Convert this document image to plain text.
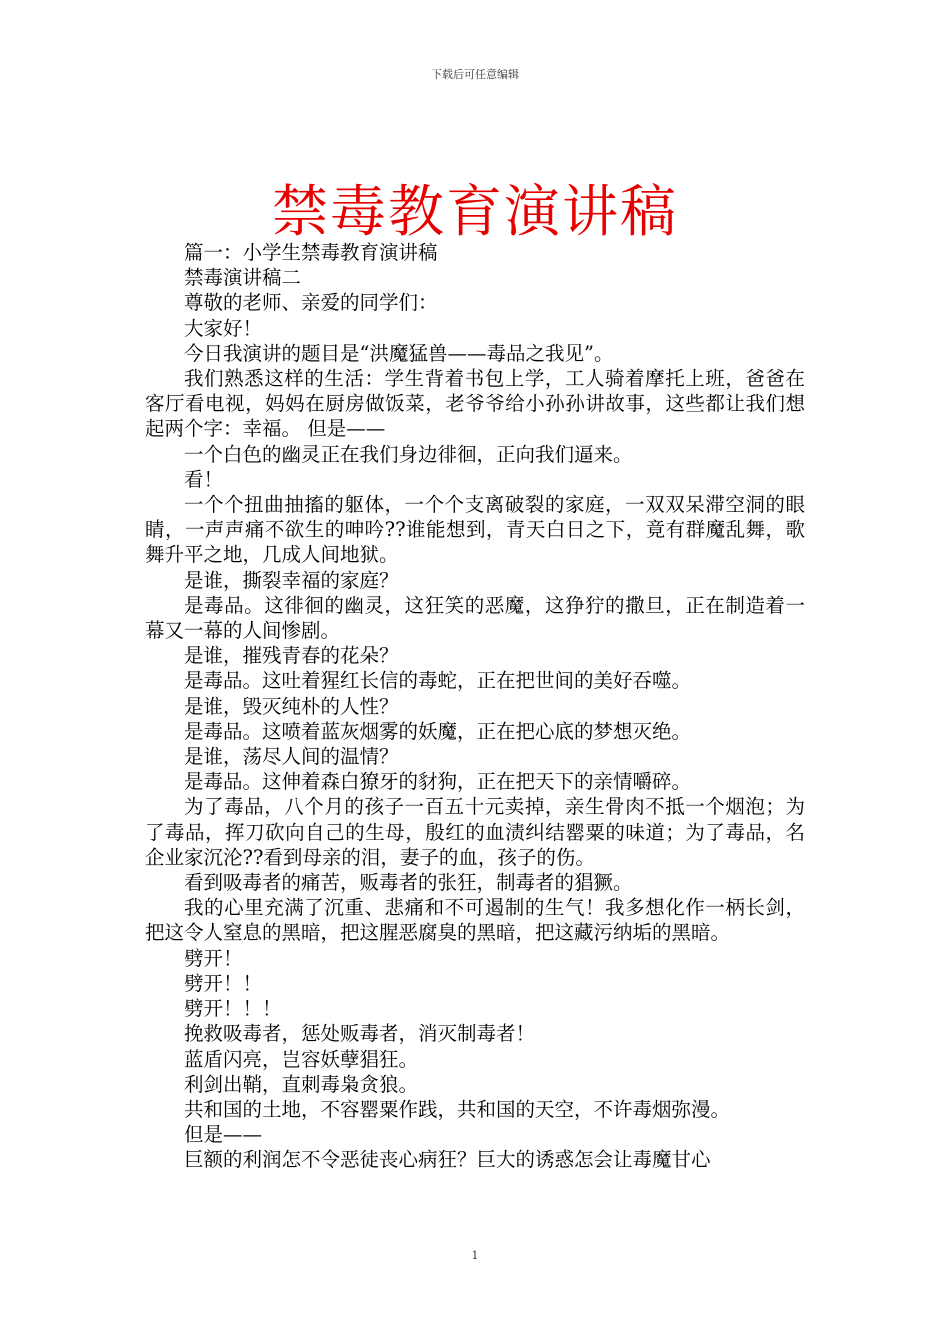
下载后可任意编辑
禁毒教育演讲稿

篇一：小学生禁毒教育演讲稿

禁毒演讲稿二

尊敬的老师、亲爱的同学们：

大家好！

今日我演讲的题目是“洪魔猛兽——毒品之我见”。

我们熟悉这样的生活：学生背着书包上学，工人骑着摩托上班，爸爸在客厅看电视，妈妈在厨房做饭菜，老爷爷给小孙孙讲故事，这些都让我们想起两个字：幸福。 但是——

一个白色的幽灵正在我们身边徘徊，正向我们逼来。

看！

一个个扭曲抽搐的躯体，一个个支离破裂的家庭，一双双呆滞空洞的眼睛，一声声痛不欲生的呻吟??谁能想到，青天白日之下，竟有群魔乱舞，歌舞升平之地，几成人间地狱。

是谁，撕裂幸福的家庭？

是毒品。这徘徊的幽灵，这狂笑的恶魔，这狰狞的撒旦，正在制造着一幕又一幕的人间惨剧。

是谁，摧残青春的花朵？

是毒品。这吐着猩红长信的毒蛇，正在把世间的美好吞噬。

是谁，毁灭纯朴的人性？

是毒品。这喷着蓝灰烟雾的妖魔，正在把心底的梦想灭绝。

是谁，荡尽人间的温情？

是毒品。这伸着森白獠牙的豺狗，正在把天下的亲情嚼碎。

为了毒品，八个月的孩子一百五十元卖掉，亲生骨肉不抵一个烟泡；为了毒品，挥刀砍向自己的生母，殷红的血渍纠结罂粟的味道；为了毒品，名企业家沉沦??看到母亲的泪，妻子的血，孩子的伤。

看到吸毒者的痛苦，贩毒者的张狂，制毒者的猖獗。

我的心里充满了沉重、悲痛和不可遏制的生气！我多想化作一柄长剑，把这令人窒息的黑暗，把这腥恶腐臭的黑暗，把这藏污纳垢的黑暗。

劈开！

劈开！！

劈开！！！

挽救吸毒者，惩处贩毒者，消灭制毒者！

蓝盾闪亮，岂容妖孽猖狂。

利剑出鞘，直刺毒枭贪狼。

共和国的土地，不容罂粟作践，共和国的天空，不许毒烟弥漫。

但是——

巨额的利润怎不令恶徒丧心病狂？巨大的诱惑怎会让毒魔甘心

1
